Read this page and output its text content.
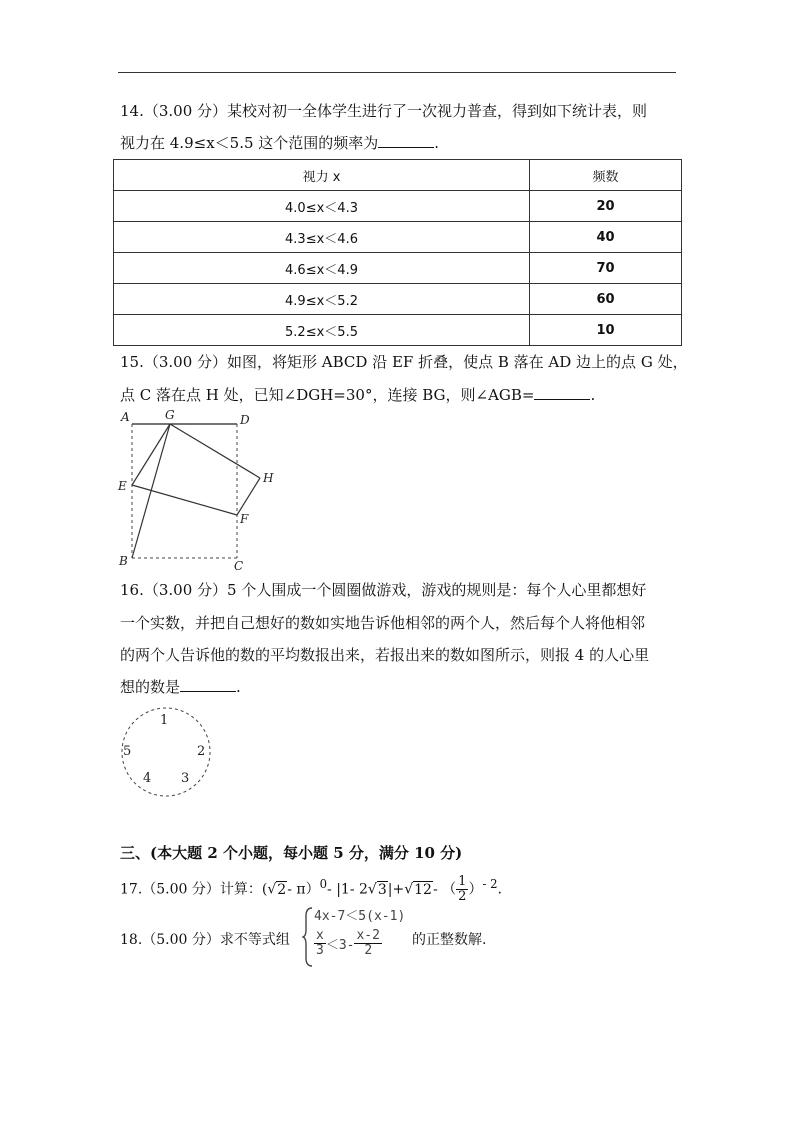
14.（3.00 分）某校对初一全体学生进行了一次视力普查，得到如下统计表，则
视力在 4.9≤x＜5.5 这个范围的频率为	.
视力 x	频数
4.0≤x＜4.3	20
4.3≤x＜4.6	40
4.6≤x＜4.9	70
4.9≤x＜5.2	60
5.2≤x＜5.5	10
15.（3.00 分）如图，将矩形 ABCD 沿 EF 折叠，使点 B 落在 AD 边上的点 G 处，
点 C 落在点 H 处，已知∠DGH=30°，连接 BG，则∠AGB=	.
A	G	D
E
H
F
B	C
16.（3.00 分）5 个人围成一个圆圈做游戏，游戏的规则是：每个人心里都想好
一个实数，并把自己想好的数如实地告诉他相邻的两个人，然后每个人将他相邻
的两个人告诉他的数的平均数报出来，若报出来的数如图所示，则报 4 的人心里
想的数是	.
1
2
3
4
5
三、(本大题 2 个小题，每小题 5 分，满分 10 分)
17.（5.00 分）计算：(√2- π）$^0$- |1- 2√3|+√12- （ $\frac{1}{2} )^{- 2}$.
18.（5.00 分）求不等式组
4x-7＜5(x-1)
$\frac{x}{3} <3- \frac{x-2}{2}$ 的正整数解.
